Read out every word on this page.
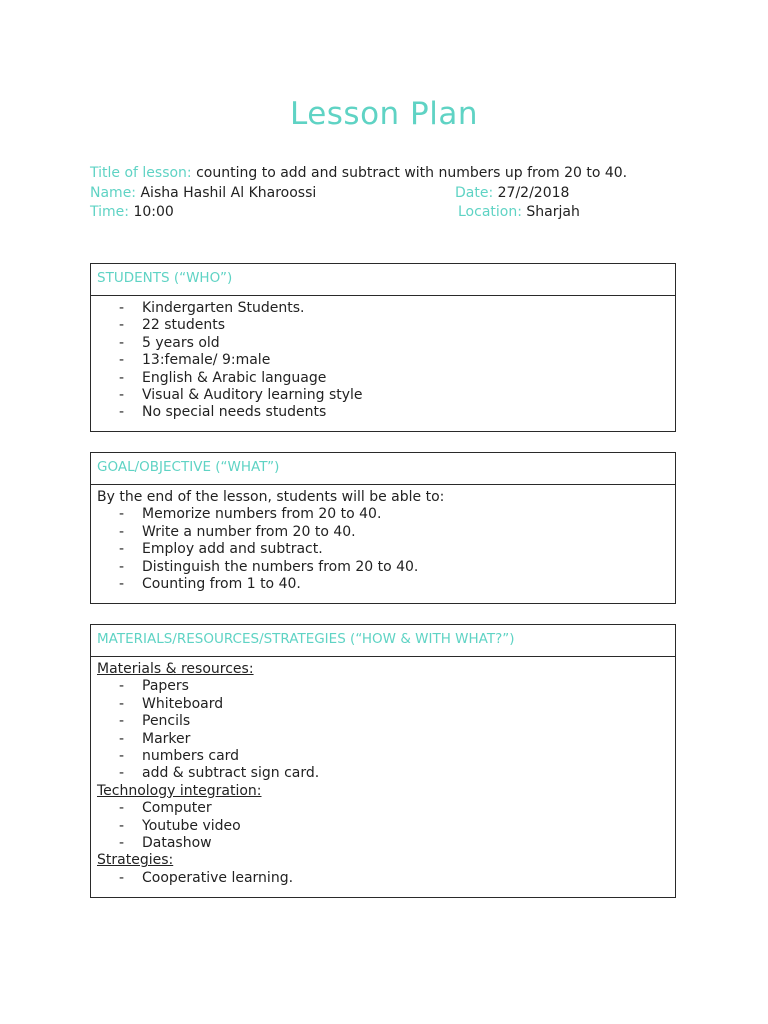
Lesson Plan
Title of lesson: counting to add and subtract with numbers up from 20 to 40.
Name: Aisha Hashil Al Kharoossi	Date: 27/2/2018
Time: 10:00	Location: Sharjah
STUDENTS (“WHO”)
- Kindergarten Students.
- 22 students
- 5 years old
- 13:female/ 9:male
- English & Arabic language
- Visual & Auditory learning style
- No special needs students
GOAL/OBJECTIVE (“WHAT”)
By the end of the lesson, students will be able to:
- Memorize numbers from 20 to 40.
- Write a number from 20 to 40.
- Employ add and subtract.
- Distinguish the numbers from 20 to 40.
- Counting from 1 to 40.
MATERIALS/RESOURCES/STRATEGIES (“HOW & WITH WHAT?”)
Materials & resources:
- Papers
- Whiteboard
- Pencils
- Marker
- numbers card
- add & subtract sign card.
Technology integration:
- Computer
- Youtube video
- Datashow
Strategies:
- Cooperative learning.
